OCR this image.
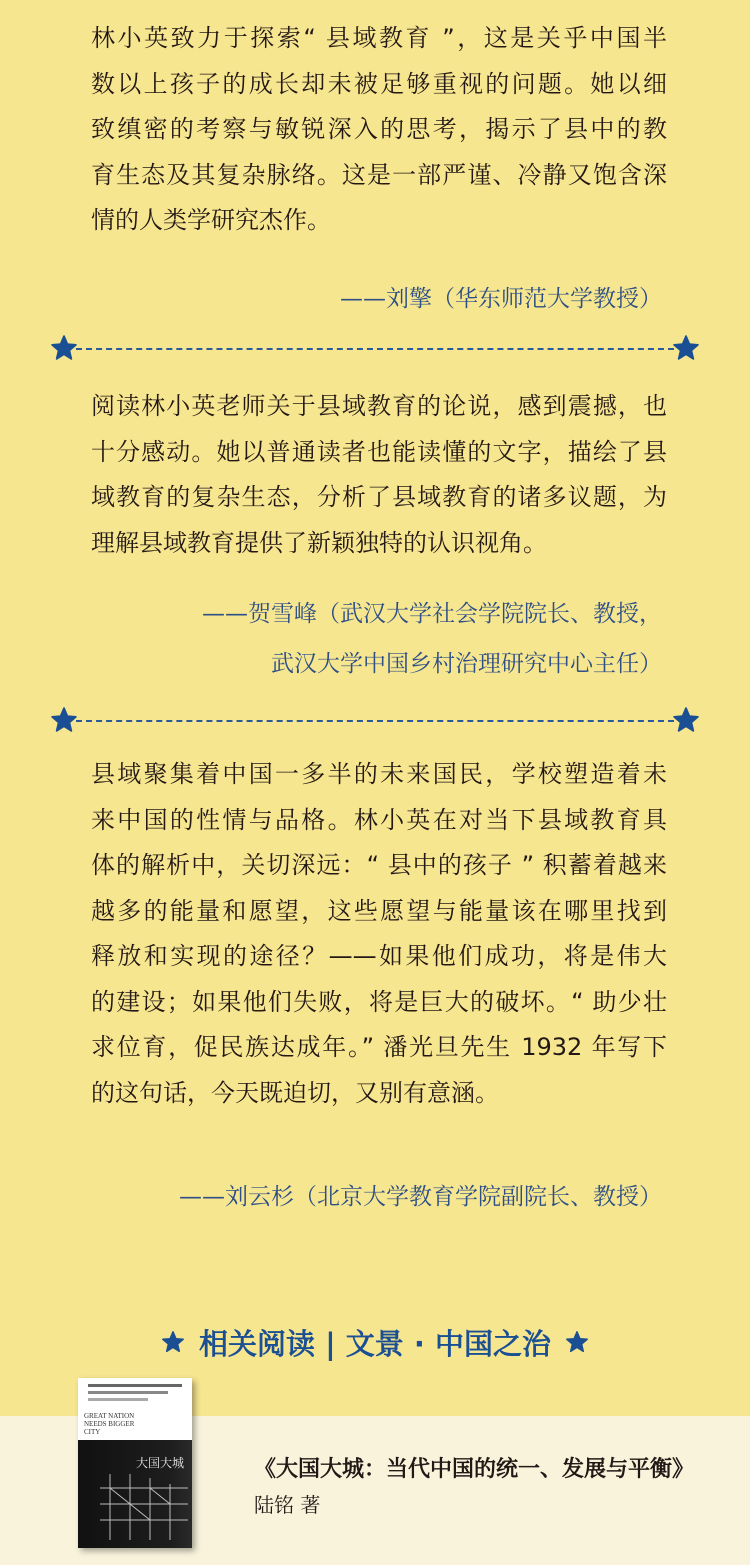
林小英致力于探索“ 县域教育 ”，这是关乎中国半
数以上孩子的成长却未被足够重视的问题。她以细
致缜密的考察与敏锐深入的思考，揭示了县中的教
育生态及其复杂脉络。这是一部严谨、冷静又饱含深

情的人类学研究杰作。

——刘擎（华东师范大学教授）
阅读林小英老师关于县域教育的论说，感到震撼，也
十分感动。她以普通读者也能读懂的文字，描绘了县
域教育的复杂生态，分析了县域教育的诸多议题，为

理解县域教育提供了新颖独特的认识视角。

——贺雪峰（武汉大学社会学院院长、教授，
武汉大学中国乡村治理研究中心主任）
县域聚集着中国一多半的未来国民，学校塑造着未
来中国的性情与品格。林小英在对当下县域教育具
体的解析中，关切深远：“ 县中的孩子 ” 积蓄着越来
越多的能量和愿望，这些愿望与能量该在哪里找到
释放和实现的途径？——如果他们成功，将是伟大
的建设；如果他们失败，将是巨大的破坏。“ 助少壮
求位育，促民族达成年。” 潘光旦先生 1932 年写下

的这句话，今天既迫切，又别有意涵。

——刘云杉（北京大学教育学院副院长、教授）
相关阅读 | 文景 · 中国之治
GREAT NATION NEEDS BIGGER CITY
大国大城	《大国大城：当代中国的统一、发展与平衡》
陆铭 著
